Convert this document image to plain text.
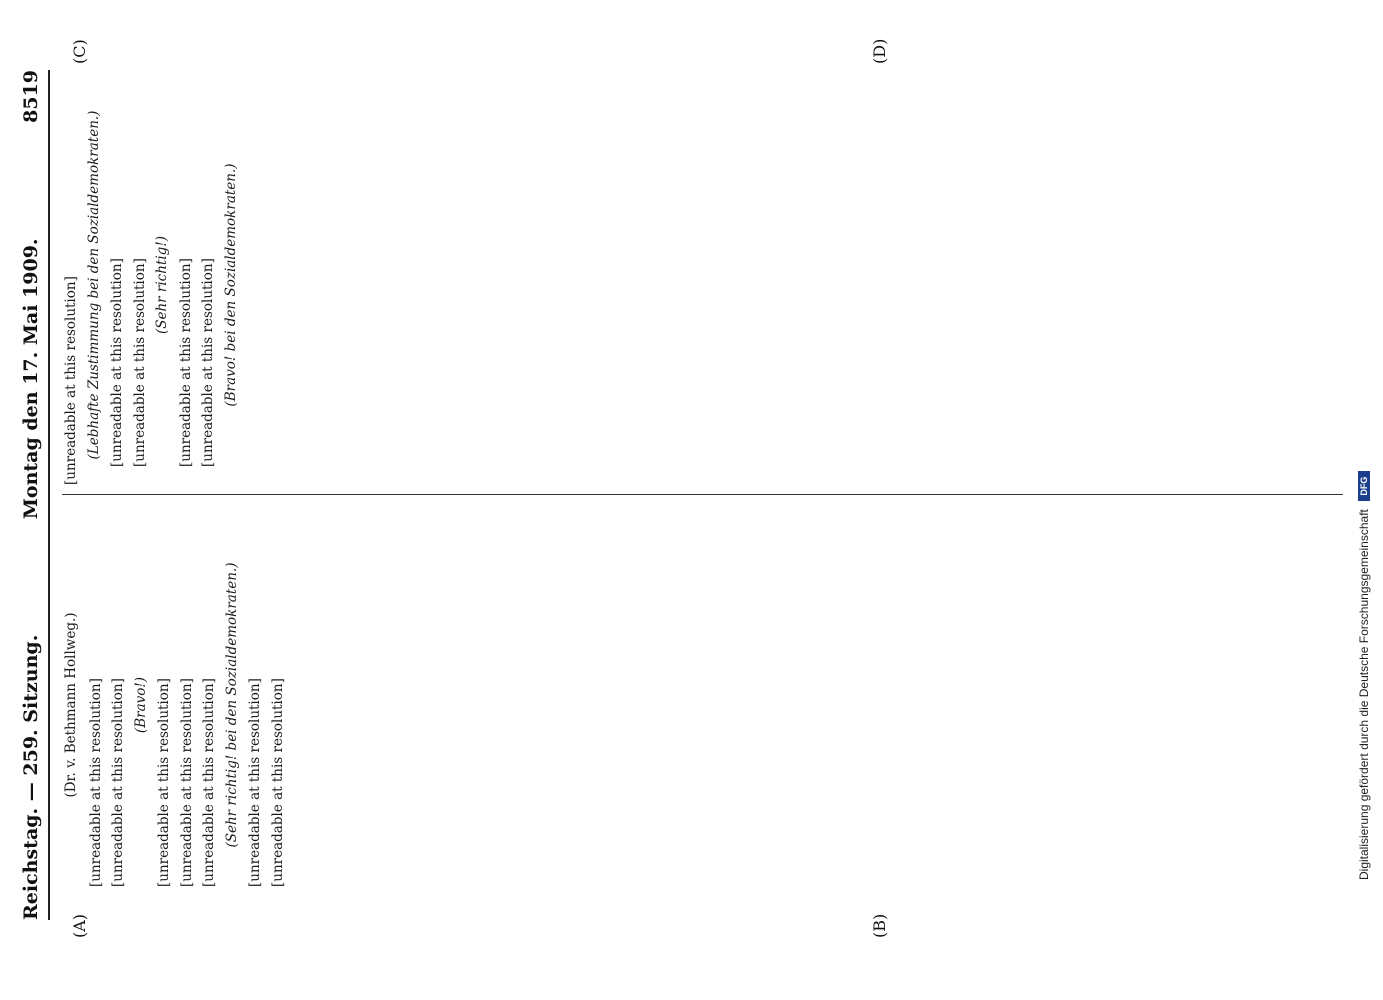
Reichstag. — 259. Sitzung.
Montag den 17. Mai 1909.
8519
(A)	(B)
(C)	(D)

(Dr. v. Bethmann Hollweg.) [unreadable at this resolution] [unreadable at this resolution] (Bravo!) [unreadable at this resolution] [unreadable at this resolution] [unreadable at this resolution] (Sehr richtig! bei den Sozialdemokraten.) [unreadable at this resolution] [unreadable at this resolution]

[unreadable at this resolution] (Lebhafte Zustimmung bei den Sozialdemokraten.) [unreadable at this resolution] [unreadable at this resolution] (Sehr richtig!) [unreadable at this resolution] [unreadable at this resolution] (Bravo! bei den Sozialdemokraten.)

Digitalisierung gefördert durch die Deutsche Forschungsgemeinschaft
DFG
